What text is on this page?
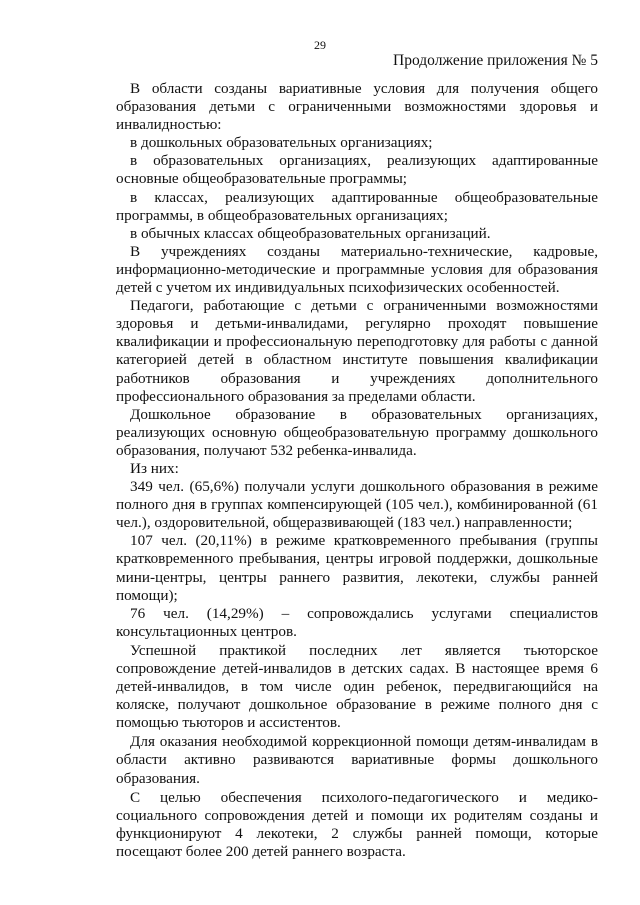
29
Продолжение приложения № 5

В области созданы вариативные условия для получения общего образования детьми с ограниченными возможностями здоровья и инвалидностью:

в дошкольных образовательных организациях;

в образовательных организациях, реализующих адаптированные основные общеобразовательные программы;

в классах, реализующих адаптированные общеобразовательные программы, в общеобразовательных организациях;

в обычных классах общеобразовательных организаций.

В учреждениях созданы материально-технические, кадровые, информационно-методические и программные условия для образования детей с учетом их индивидуальных психофизических особенностей.

Педагоги, работающие с детьми с ограниченными возможностями здоровья и детьми-инвалидами, регулярно проходят повышение квалификации и профессиональную переподготовку для работы с данной категорией детей в областном институте повышения квалификации работников образования и учреждениях дополнительного профессионального образования за пределами области.

Дошкольное образование в образовательных организациях, реализующих основную общеобразовательную программу дошкольного образования, получают 532 ребенка-инвалида.

Из них:

349 чел. (65,6%) получали услуги дошкольного образования в режиме полного дня в группах компенсирующей (105 чел.), комбинированной (61 чел.), оздоровительной, общеразвивающей (183 чел.) направленности;

107 чел. (20,11%) в режиме кратковременного пребывания (группы кратковременного пребывания, центры игровой поддержки, дошкольные мини-центры, центры раннего развития, лекотеки, службы ранней помощи);

76 чел. (14,29%) – сопровождались услугами специалистов консультационных центров.

Успешной практикой последних лет является тьюторское сопровождение детей-инвалидов в детских садах. В настоящее время 6 детей-инвалидов, в том числе один ребенок, передвигающийся на коляске, получают дошкольное образование в режиме полного дня с помощью тьюторов и ассистентов.

Для оказания необходимой коррекционной помощи детям-инвалидам в области активно развиваются вариативные формы дошкольного образования.

С целью обеспечения психолого-педагогического и медико-социального сопровождения детей и помощи их родителям созданы и функционируют 4 лекотеки, 2 службы ранней помощи, которые посещают более 200 детей раннего возраста.
